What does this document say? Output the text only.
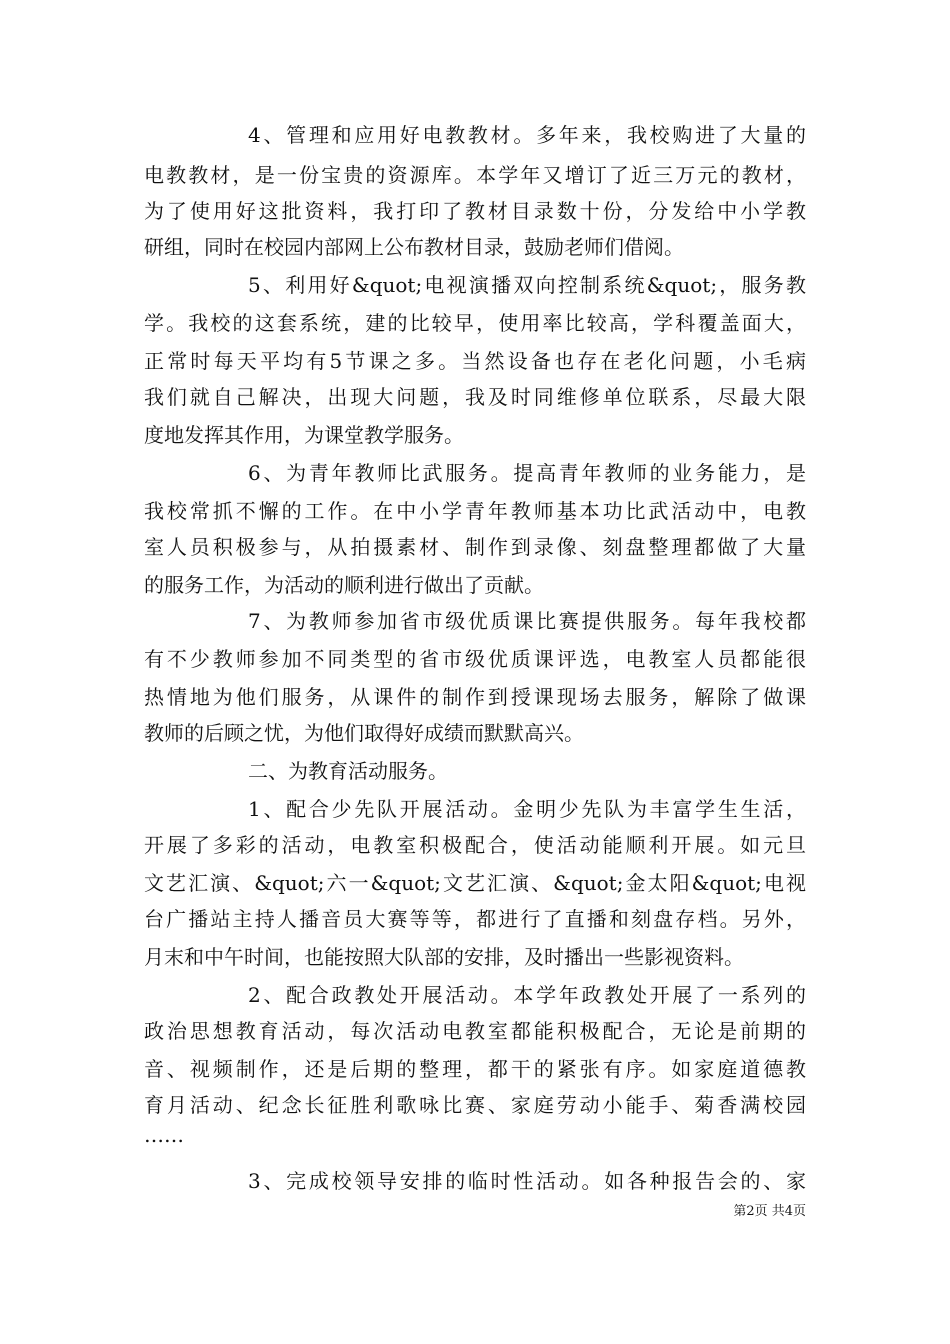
4、管理和应用好电教教材。多年来，我校购进了大量的
电教教材，是一份宝贵的资源库。本学年又增订了近三万元的教材，
为了使用好这批资料，我打印了教材目录数十份，分发给中小学教
研组，同时在校园内部网上公布教材目录，鼓励老师们借阅。
5、利用好&quot;电视演播双向控制系统&quot;，服务教
学。我校的这套系统，建的比较早，使用率比较高，学科覆盖面大，
正常时每天平均有5节课之多。当然设备也存在老化问题，小毛病
我们就自己解决，出现大问题，我及时同维修单位联系，尽最大限
度地发挥其作用，为课堂教学服务。
6、为青年教师比武服务。提高青年教师的业务能力，是
我校常抓不懈的工作。在中小学青年教师基本功比武活动中，电教
室人员积极参与，从拍摄素材、制作到录像、刻盘整理都做了大量
的服务工作，为活动的顺利进行做出了贡献。
7、为教师参加省市级优质课比赛提供服务。每年我校都
有不少教师参加不同类型的省市级优质课评选，电教室人员都能很
热情地为他们服务，从课件的制作到授课现场去服务，解除了做课
教师的后顾之忧，为他们取得好成绩而默默高兴。
二、为教育活动服务。
1、配合少先队开展活动。金明少先队为丰富学生生活，
开展了多彩的活动，电教室积极配合，使活动能顺利开展。如元旦
文艺汇演、&quot;六一&quot;文艺汇演、&quot;金太阳&quot;电视
台广播站主持人播音员大赛等等，都进行了直播和刻盘存档。另外，
月末和中午时间，也能按照大队部的安排，及时播出一些影视资料。
2、配合政教处开展活动。本学年政教处开展了一系列的
政治思想教育活动，每次活动电教室都能积极配合，无论是前期的
音、视频制作，还是后期的整理，都干的紧张有序。如家庭道德教
育月活动、纪念长征胜利歌咏比赛、家庭劳动小能手、菊香满校园
……
3、完成校领导安排的临时性活动。如各种报告会的、家
第2页 共4页
